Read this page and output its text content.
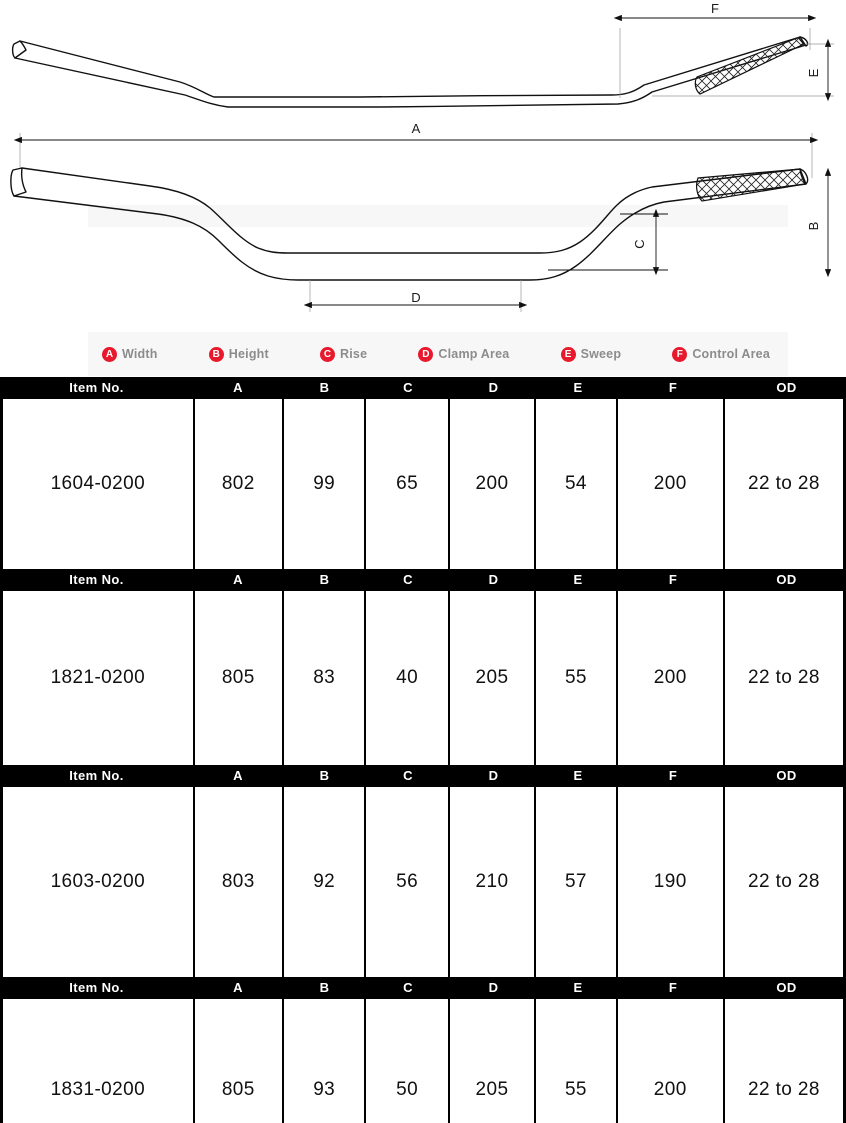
F
E
A
B
C
D
A Width	B Height	C Rise	D Clamp Area	E Sweep	F Control Area
Item No.	A	B	C	D	E	F	OD
1604-0200	802	99	65	200	54	200	22 to 28
Item No.	A	B	C	D	E	F	OD
1821-0200	805	83	40	205	55	200	22 to 28
Item No.	A	B	C	D	E	F	OD
1603-0200	803	92	56	210	57	190	22 to 28
Item No.	A	B	C	D	E	F	OD
1831-0200	805	93	50	205	55	200	22 to 28
